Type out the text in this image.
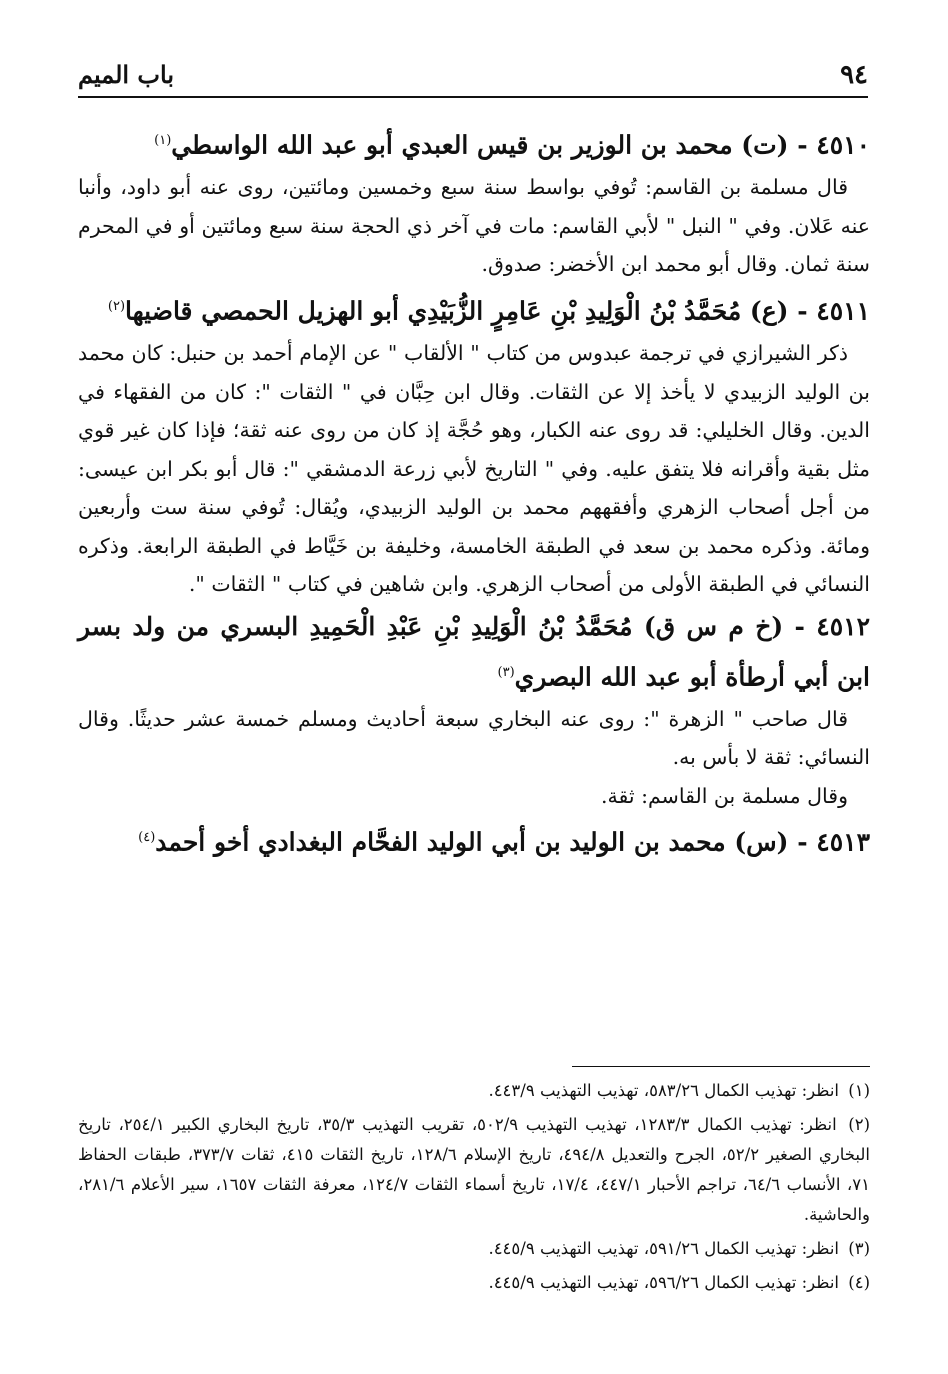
٩٤
باب الميم
٤٥١٠ - (ت) محمد بن الوزير بن قيس العبدي أبو عبد الله الواسطي$^{(١)}$

قال مسلمة بن القاسم: تُوفي بواسط سنة سبع وخمسين ومائتين، روى عنه أبو داود، وأنبا عنه عَلان. وفي " النبل " لأبي القاسم: مات في آخر ذي الحجة سنة سبع ومائتين أو في المحرم سنة ثمان. وقال أبو محمد ابن الأخضر: صدوق.

٤٥١١ - (ع) مُحَمَّدُ بْنُ الْوَلِيدِ بْنِ عَامِرٍ الزُّبَيْدِي أبو الهزيل الحمصي قاضيها$^{(٢)}$

ذكر الشيرازي في ترجمة عبدوس من كتاب " الألقاب " عن الإمام أحمد بن حنبل: كان محمد بن الوليد الزبيدي لا يأخذ إلا عن الثقات. وقال ابن حِبَّان في " الثقات ": كان من الفقهاء في الدين. وقال الخليلي: قد روى عنه الكبار، وهو حُجَّة إذ كان من روى عنه ثقة؛ فإذا كان غير قوي مثل بقية وأقرانه فلا يتفق عليه. وفي " التاريخ لأبي زرعة الدمشقي ": قال أبو بكر ابن عيسى: من أجل أصحاب الزهري وأفقههم محمد بن الوليد الزبيدي، ويُقال: تُوفي سنة ست وأربعين ومائة. وذكره محمد بن سعد في الطبقة الخامسة، وخليفة بن خَيَّاط في الطبقة الرابعة. وذكره النسائي في الطبقة الأولى من أصحاب الزهري. وابن شاهين في كتاب " الثقات ".

٤٥١٢ - (خ م س ق) مُحَمَّدُ بْنُ الْوَلِيدِ بْنِ عَبْدِ الْحَمِيدِ البسري من ولد بسر ابن أبي أرطأة أبو عبد الله البصري$^{(٣)}$

قال صاحب " الزهرة ": روى عنه البخاري سبعة أحاديث ومسلم خمسة عشر حديثًا. وقال النسائي: ثقة لا بأس به.

وقال مسلمة بن القاسم: ثقة.

٤٥١٣ - (س) محمد بن الوليد بن أبي الوليد الفحَّام البغدادي أخو أحمد$^{(٤)}$

(١) انظر: تهذيب الكمال ٥٨٣/٢٦، تهذيب التهذيب ٤٤٣/٩.

(٢) انظر: تهذيب الكمال ١٢٨٣/٣، تهذيب التهذيب ٥٠٢/٩، تقريب التهذيب ٣٥/٣، تاريخ البخاري الكبير ٢٥٤/١، تاريخ البخاري الصغير ٥٢/٢، الجرح والتعديل ٤٩٤/٨، تاريخ الإسلام ١٢٨/٦، تاريخ الثقات ٤١٥، ثقات ٣٧٣/٧، طبقات الحفاظ ٧١، الأنساب ٦٤/٦، تراجم الأحبار ٤٤٧/١، ١٧/٤، تاريخ أسماء الثقات ١٢٤/٧، معرفة الثقات ١٦٥٧، سير الأعلام ٢٨١/٦، والحاشية.

(٣) انظر: تهذيب الكمال ٥٩١/٢٦، تهذيب التهذيب ٤٤٥/٩.

(٤) انظر: تهذيب الكمال ٥٩٦/٢٦، تهذيب التهذيب ٤٤٥/٩.
